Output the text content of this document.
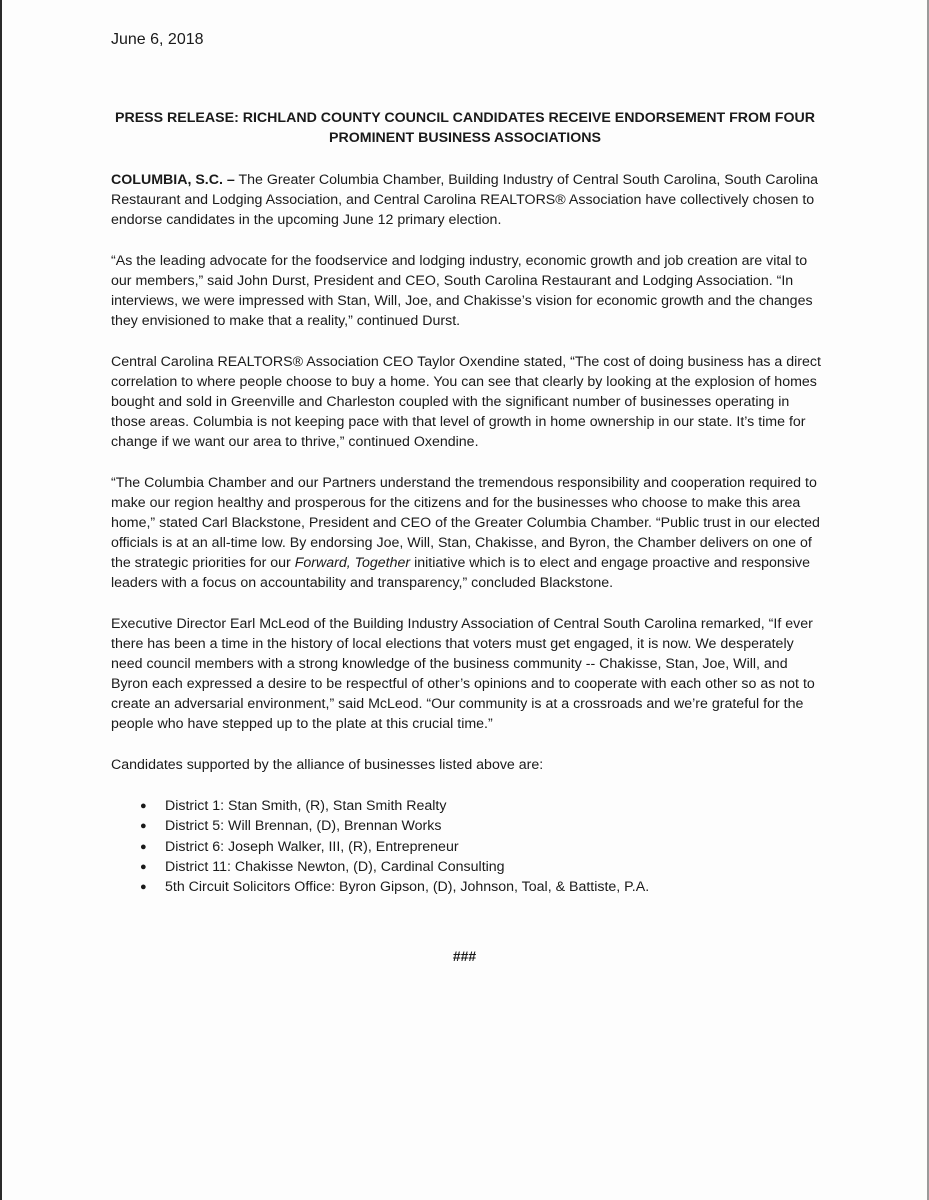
June 6, 2018
PRESS RELEASE: RICHLAND COUNTY COUNCIL CANDIDATES RECEIVE ENDORSEMENT FROM FOUR PROMINENT BUSINESS ASSOCIATIONS

COLUMBIA, S.C. – The Greater Columbia Chamber, Building Industry of Central South Carolina, South Carolina Restaurant and Lodging Association, and Central Carolina REALTORS® Association have collectively chosen to endorse candidates in the upcoming June 12 primary election.

“As the leading advocate for the foodservice and lodging industry, economic growth and job creation are vital to our members,” said John Durst, President and CEO, South Carolina Restaurant and Lodging Association. “In interviews, we were impressed with Stan, Will, Joe, and Chakisse’s vision for economic growth and the changes they envisioned to make that a reality,” continued Durst.

Central Carolina REALTORS® Association CEO Taylor Oxendine stated, “The cost of doing business has a direct correlation to where people choose to buy a home. You can see that clearly by looking at the explosion of homes bought and sold in Greenville and Charleston coupled with the significant number of businesses operating in those areas. Columbia is not keeping pace with that level of growth in home ownership in our state. It’s time for change if we want our area to thrive,” continued Oxendine.

“The Columbia Chamber and our Partners understand the tremendous responsibility and cooperation required to make our region healthy and prosperous for the citizens and for the businesses who choose to make this area home,” stated Carl Blackstone, President and CEO of the Greater Columbia Chamber. “Public trust in our elected officials is at an all-time low. By endorsing Joe, Will, Stan, Chakisse, and Byron, the Chamber delivers on one of the strategic priorities for our Forward, Together initiative which is to elect and engage proactive and responsive leaders with a focus on accountability and transparency,” concluded Blackstone.

Executive Director Earl McLeod of the Building Industry Association of Central South Carolina remarked, “If ever there has been a time in the history of local elections that voters must get engaged, it is now. We desperately need council members with a strong knowledge of the business community -- Chakisse, Stan, Joe, Will, and Byron each expressed a desire to be respectful of other’s opinions and to cooperate with each other so as not to create an adversarial environment,” said McLeod. “Our community is at a crossroads and we’re grateful for the people who have stepped up to the plate at this crucial time.”

Candidates supported by the alliance of businesses listed above are:

● District 1: Stan Smith, (R), Stan Smith Realty
● District 5: Will Brennan, (D), Brennan Works
● District 6: Joseph Walker, III, (R), Entrepreneur
● District 11: Chakisse Newton, (D), Cardinal Consulting
● 5th Circuit Solicitors Office: Byron Gipson, (D), Johnson, Toal, & Battiste, P.A.
###
